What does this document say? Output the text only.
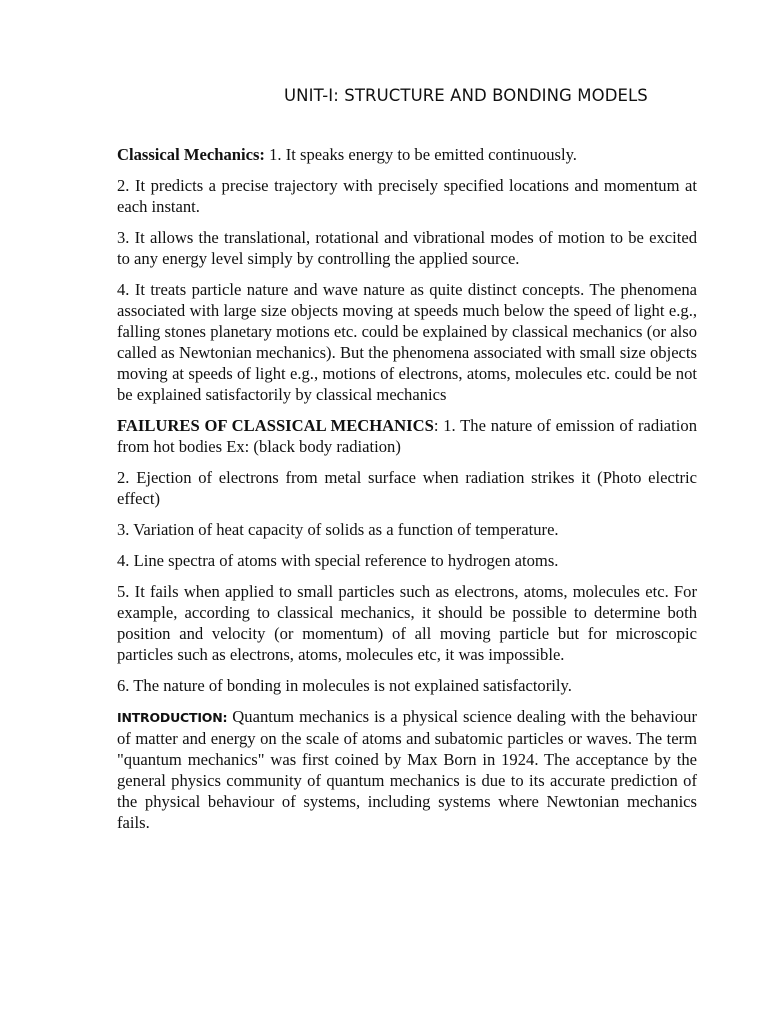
UNIT-I: STRUCTURE AND BONDING MODELS

Classical Mechanics: 1. It speaks energy to be emitted continuously.

2. It predicts a precise trajectory with precisely specified locations and momentum at each instant.

3. It allows the translational, rotational and vibrational modes of motion to be excited to any energy level simply by controlling the applied source.

4. It treats particle nature and wave nature as quite distinct concepts. The phenomena associated with large size objects moving at speeds much below the speed of light e.g., falling stones planetary motions etc. could be explained by classical mechanics (or also called as Newtonian mechanics). But the phenomena associated with small size objects moving at speeds of light e.g., motions of electrons, atoms, molecules etc. could be not be explained satisfactorily by classical mechanics

FAILURES OF CLASSICAL MECHANICS: 1. The nature of emission of radiation from hot bodies Ex: (black body radiation)

2. Ejection of electrons from metal surface when radiation strikes it (Photo electric effect)

3. Variation of heat capacity of solids as a function of temperature.

4. Line spectra of atoms with special reference to hydrogen atoms.

5. It fails when applied to small particles such as electrons, atoms, molecules etc. For example, according to classical mechanics, it should be possible to determine both position and velocity (or momentum) of all moving particle but for microscopic particles such as electrons, atoms, molecules etc, it was impossible.

6. The nature of bonding in molecules is not explained satisfactorily.

INTRODUCTION: Quantum mechanics is a physical science dealing with the behaviour of matter and energy on the scale of atoms and subatomic particles or waves. The term "quantum mechanics" was first coined by Max Born in 1924. The acceptance by the general physics community of quantum mechanics is due to its accurate prediction of the physical behaviour of systems, including systems where Newtonian mechanics fails.
